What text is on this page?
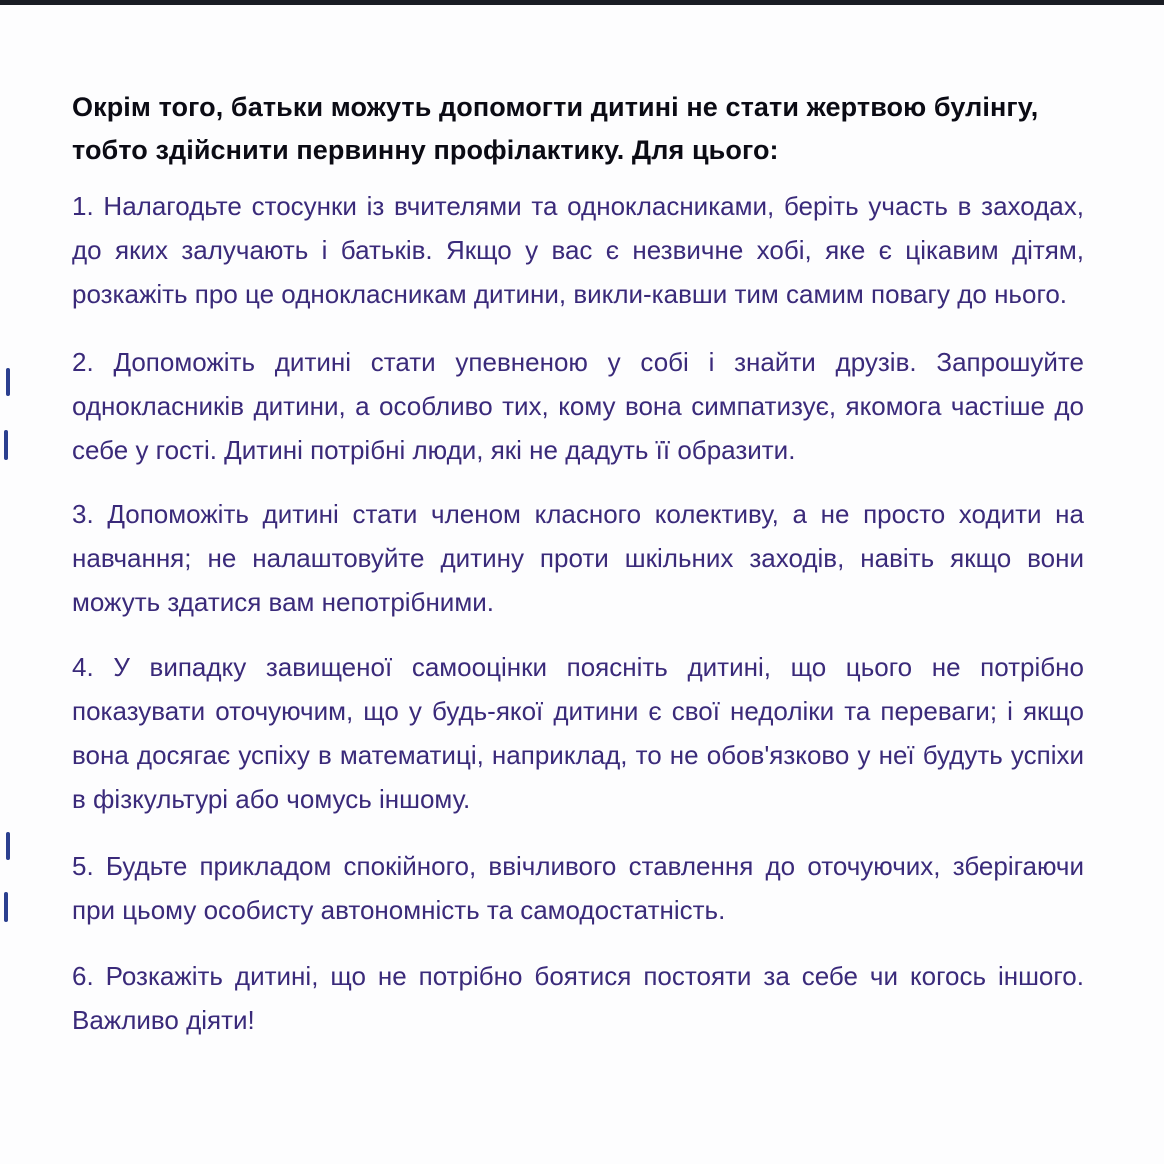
Окрім того, батьки можуть допомогти дитині не стати жертвою булінгу, тобто здійснити первинну профілактику. Для цього:

1. Налагодьте стосунки із вчителями та однокласниками, беріть участь в заходах, до яких залучають і батьків. Якщо у вас є незвичне хобі, яке є цікавим дітям, розкажіть про це однокласникам дитини, викли-кавши тим самим повагу до нього.
2. Допоможіть дитині стати упевненою у собі і знайти друзів. Запрошуйте однокласників дитини, а особливо тих, кому вона симпатизує, якомога частіше до себе у гості. Дитині потрібні люди, які не дадуть її образити.
3. Допоможіть дитині стати членом класного колективу, а не просто ходити на навчання; не налаштовуйте дитину проти шкільних заходів, навіть якщо вони можуть здатися вам непотрібними.
4. У випадку завищеної самооцінки поясніть дитині, що цього не потрібно показувати оточуючим, що у будь-якої дитини є свої недоліки та переваги; і якщо вона досягає успіху в математиці, наприклад, то не обов'язково у неї будуть успіхи в фізкультурі або чомусь іншому.
5. Будьте прикладом спокійного, ввічливого ставлення до оточуючих, зберігаючи при цьому особисту автономність та самодостатність.
6. Розкажіть дитині, що не потрібно боятися постояти за себе чи когось іншого. Важливо діяти!
